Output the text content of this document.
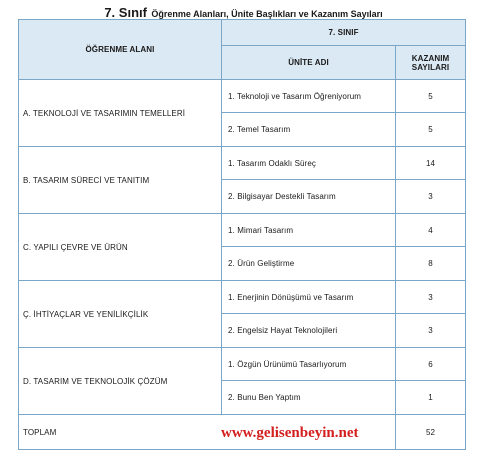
7. Sınıf Öğrenme Alanları, Ünite Başlıkları ve Kazanım Sayıları
ÖĞRENME ALANI	7. SINIF	
	ÜNİTE ADI	KAZANIM
SAYILARI
A. TEKNOLOJİ VE TASARIMIN TEMELLERİ	1. Teknoloji ve Tasarım Öğreniyorum	5
	2. Temel Tasarım	5
B. TASARIM SÜRECİ VE TANITIM	1. Tasarım Odaklı Süreç	14
	2. Bilgisayar Destekli Tasarım	3
C. YAPILI ÇEVRE VE ÜRÜN	1. Mimari Tasarım	4
	2. Ürün Geliştirme	8
Ç. İHTİYAÇLAR VE YENİLİKÇİLİK	1. Enerjinin Dönüşümü ve Tasarım	3
	2. Engelsiz Hayat Teknolojileri	3
D. TASARIM VE TEKNOLOJİK ÇÖZÜM	1. Özgün Ürünümü Tasarlıyorum	6
	2. Bunu Ben Yaptım	1
TOPLAM		52
www.gelisenbeyin.net
